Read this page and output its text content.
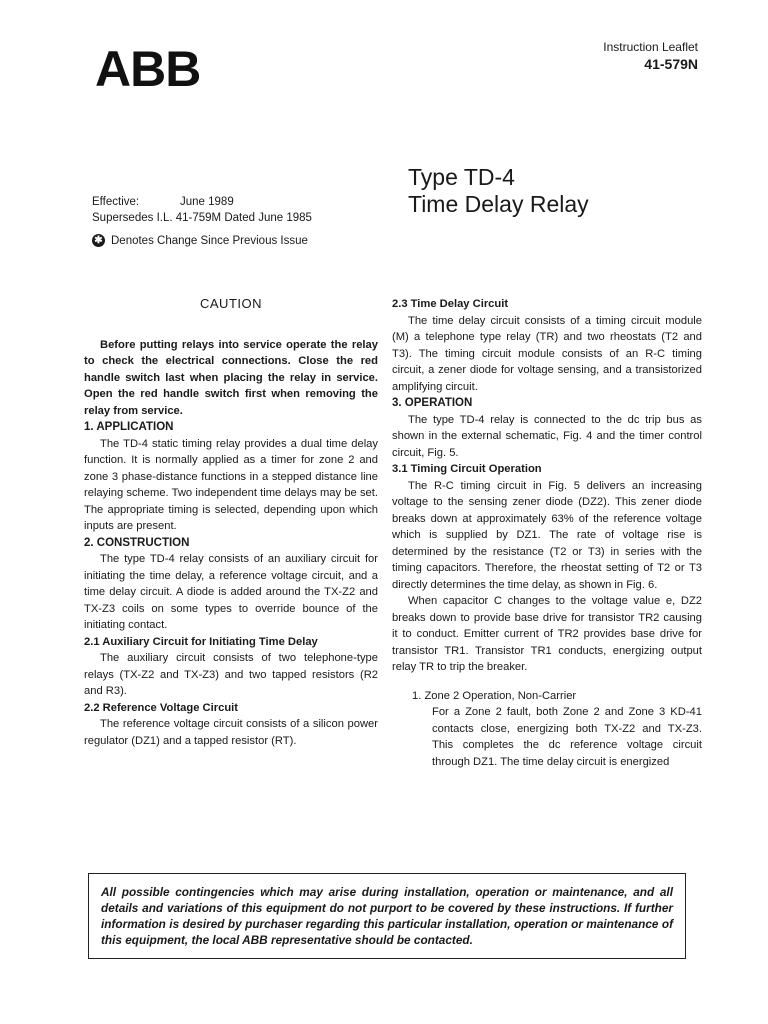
ABB	Instruction Leaflet
41-579N
Effective:	June 1989
Supersedes I.L. 41-759M Dated June 1985
✱ Denotes Change Since Previous Issue
Type TD-4
Time Delay Relay
CAUTION

Before putting relays into service operate the relay to check the electrical connections. Close the red handle switch last when placing the relay in service. Open the red handle switch first when removing the relay from service.

1. APPLICATION

The TD-4 static timing relay provides a dual time delay function. It is normally applied as a timer for zone 2 and zone 3 phase-distance functions in a stepped distance line relaying scheme. Two independent time delays may be set. The appropriate timing is selected, depending upon which inputs are present.

2. CONSTRUCTION

The type TD-4 relay consists of an auxiliary circuit for initiating the time delay, a reference voltage circuit, and a time delay circuit. A diode is added around the TX-Z2 and TX-Z3 coils on some types to override bounce of the initiating contact.

2.1 Auxiliary Circuit for Initiating Time Delay

The auxiliary circuit consists of two telephone-type relays (TX-Z2 and TX-Z3) and two tapped resistors (R2 and R3).

2.2 Reference Voltage Circuit

The reference voltage circuit consists of a silicon power regulator (DZ1) and a tapped resistor (RT).

2.3 Time Delay Circuit

The time delay circuit consists of a timing circuit module (M) a telephone type relay (TR) and two rheostats (T2 and T3). The timing circuit module consists of an R-C timing circuit, a zener diode for voltage sensing, and a transistorized amplifying circuit.

3. OPERATION

The type TD-4 relay is connected to the dc trip bus as shown in the external schematic, Fig. 4 and the timer control circuit, Fig. 5.

3.1 Timing Circuit Operation

The R-C timing circuit in Fig. 5 delivers an increasing voltage to the sensing zener diode (DZ2). This zener diode breaks down at approximately 63% of the reference voltage which is supplied by DZ1. The rate of voltage rise is determined by the resistance (T2 or T3) in series with the timing capacitors. Therefore, the rheostat setting of T2 or T3 directly determines the time delay, as shown in Fig. 6.

When capacitor C changes to the voltage value e, DZ2 breaks down to provide base drive for transistor TR2 causing it to conduct. Emitter current of TR2 provides base drive for transistor TR1. Transistor TR1 conducts, energizing output relay TR to trip the breaker.

1. Zone 2 Operation, Non-Carrier

For a Zone 2 fault, both Zone 2 and Zone 3 KD-41 contacts close, energizing both TX-Z2 and TX-Z3. This completes the dc reference voltage circuit through DZ1. The time delay circuit is energized

All possible contingencies which may arise during installation, operation or maintenance, and all details and variations of this equipment do not purport to be covered by these instructions. If further information is desired by purchaser regarding this particular installation, operation or maintenance of this equipment, the local ABB representative should be contacted.
